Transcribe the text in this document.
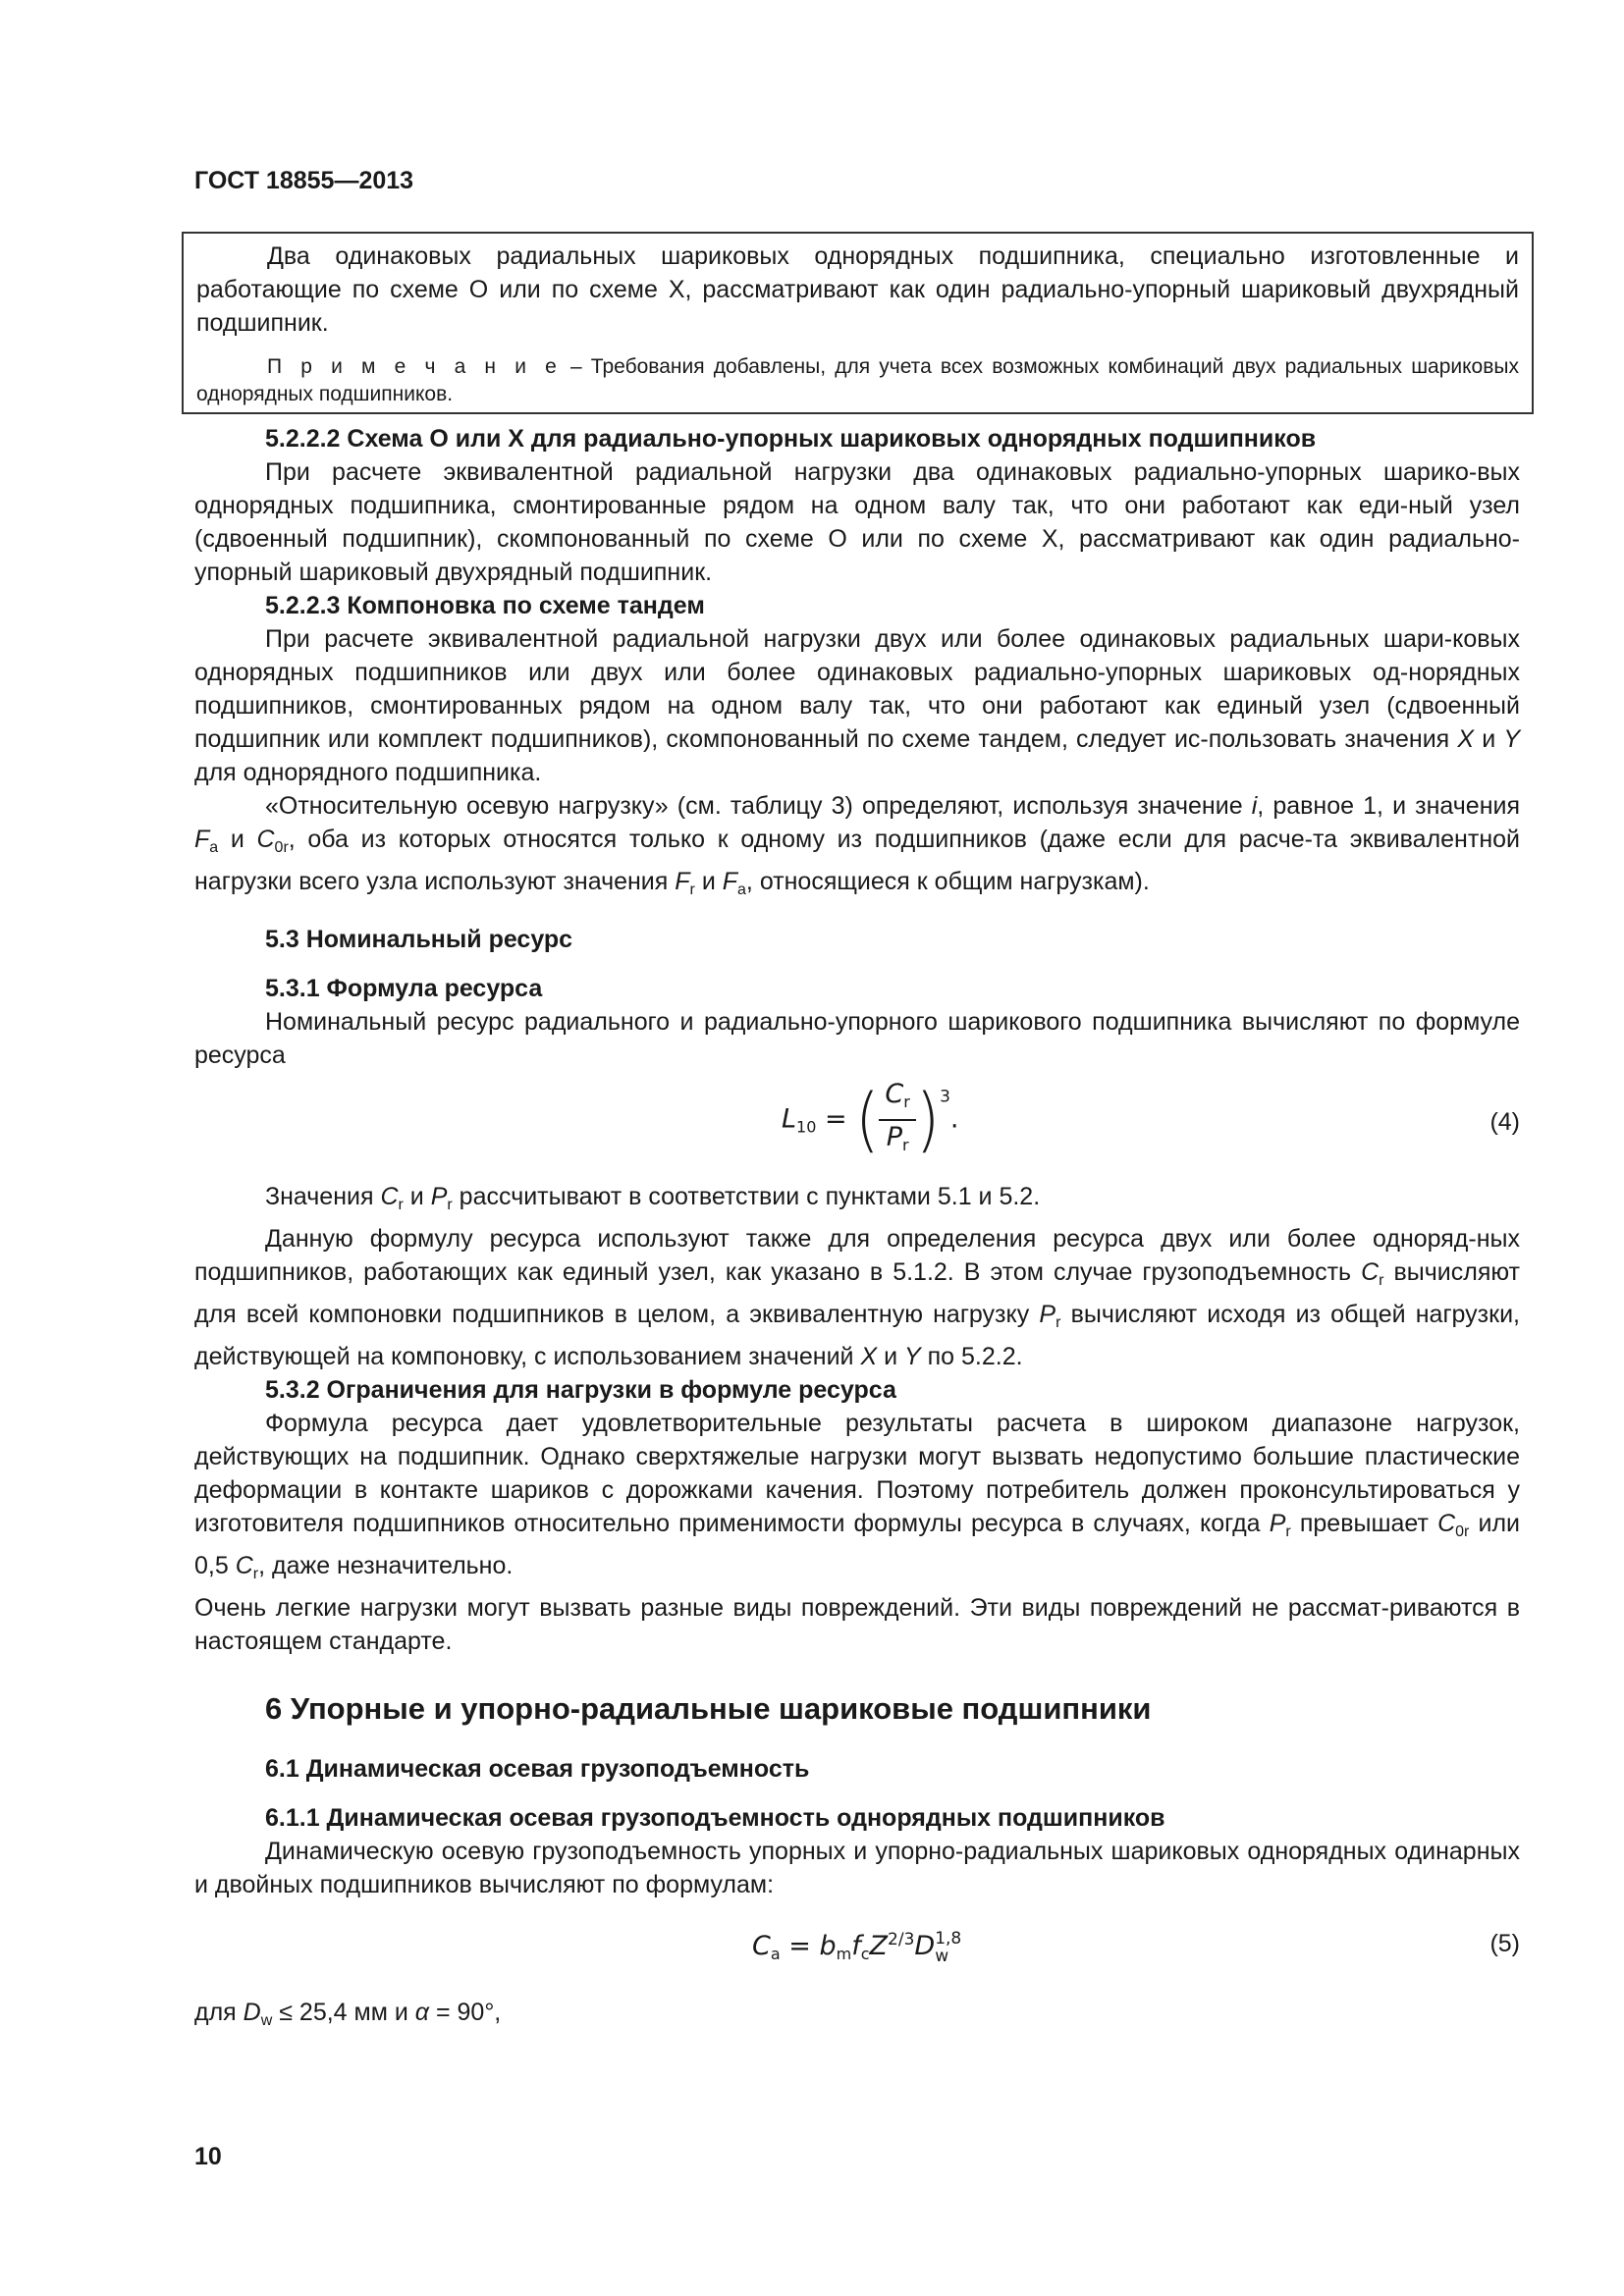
ГОСТ 18855—2013

Два одинаковых радиальных шариковых однорядных подшипника, специально изготовленные и работающие по схеме О или по схеме X, рассматривают как один радиально-упорный шариковый двухрядный подшипник.

П р и м е ч а н и е – Требования добавлены, для учета всех возможных комбинаций двух радиальных шариковых однорядных подшипников.

5.2.2.2 Схема О или X для радиально-упорных шариковых однорядных подшипников

При расчете эквивалентной радиальной нагрузки два одинаковых радиально-упорных шарико-вых однорядных подшипника, смонтированные рядом на одном валу так, что они работают как еди-ный узел (сдвоенный подшипник), скомпонованный по схеме О или по схеме X, рассматривают как один радиально-упорный шариковый двухрядный подшипник.

5.2.2.3 Компоновка по схеме тандем

При расчете эквивалентной радиальной нагрузки двух или более одинаковых радиальных шари-ковых однорядных подшипников или двух или более одинаковых радиально-упорных шариковых од-норядных подшипников, смонтированных рядом на одном валу так, что они работают как единый узел (сдвоенный подшипник или комплект подшипников), скомпонованный по схеме тандем, следует ис-пользовать значения X и Y для однорядного подшипника.

«Относительную осевую нагрузку» (см. таблицу 3) определяют, используя значение i, равное 1, и значения $F_a$ и $C_{0r}$, оба из которых относятся только к одному из подшипников (даже если для расче-та эквивалентной нагрузки всего узла используют значения $F_r$ и $F_a$, относящиеся к общим нагрузкам).

5.3 Номинальный ресурс

5.3.1 Формула ресурса

Номинальный ресурс радиального и радиально-упорного шарикового подшипника вычисляют по формуле ресурса

$L_{10}$ = ( $\frac{C_r}{P_r} )^3$.	(4)

Значения $C_r$ и $P_r$ рассчитывают в соответствии с пунктами 5.1 и 5.2.

Данную формулу ресурса используют также для определения ресурса двух или более одноряд-ных подшипников, работающих как единый узел, как указано в 5.1.2. В этом случае грузоподъемность $C_r$ вычисляют для всей компоновки подшипников в целом, а эквивалентную нагрузку $P_r$ вычисляют исходя из общей нагрузки, действующей на компоновку, с использованием значений X и Y по 5.2.2.

5.3.2 Ограничения для нагрузки в формуле ресурса

Формула ресурса дает удовлетворительные результаты расчета в широком диапазоне нагрузок, действующих на подшипник. Однако сверхтяжелые нагрузки могут вызвать недопустимо большие пластические деформации в контакте шариков с дорожками качения. Поэтому потребитель должен проконсультироваться у изготовителя подшипников относительно применимости формулы ресурса в случаях, когда $P_r$ превышает $C_{0r}$ или 0,5 $C_r$, даже незначительно.

Очень легкие нагрузки могут вызвать разные виды повреждений. Эти виды повреждений не рассмат-риваются в настоящем стандарте.

6 Упорные и упорно-радиальные шариковые подшипники

6.1 Динамическая осевая грузоподъемность

6.1.1 Динамическая осевая грузоподъемность однорядных подшипников

Динамическую осевую грузоподъемность упорных и упорно-радиальных шариковых однорядных одинарных и двойных подшипников вычисляют по формулам:

$C_a = b_mf_cZ^{2/3}D$ 1,8
w	(5)

для $D_w \le 25,4$ мм и α = 90°,

10
